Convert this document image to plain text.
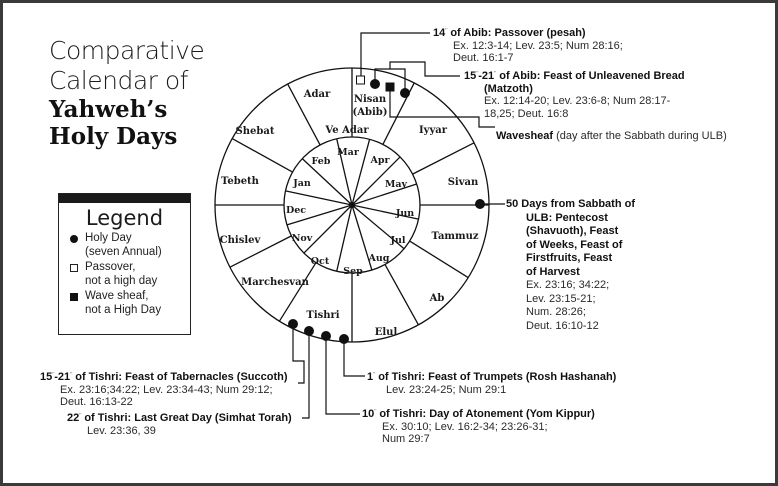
Comparative
Calendar of
Yahweh’s
Holy Days
Legend
Holy Day
(seven Annual)
Passover,
not a high day
Wave sheaf,
not a High Day
Nisan
Iyyar
Sivan
Tammuz
Ab
Elul
Tishri
Marchesvan
Chislev
Tebeth
Shebat
Adar
(Abib)
Ve Adar
Mar
Apr
May
Jun
Jul
Aug
Sep
Oct
Nov
Dec
Jan
Feb
14¨ of Abib: Passover (pesah)
Ex. 12:3-14; Lev. 23:5; Num 28:16;
Deut. 16:1-7
15¨-21¨ of Abib: Feast of Unleavened Bread
(Matzoth)
Ex. 12:14-20; Lev. 23:6-8; Num 28:17-
18,25; Deut. 16:8
Wavesheaf (day after the Sabbath during ULB)
50 Days from Sabbath of
ULB: Pentecost
(Shavuoth), Feast
of Weeks, Feast of
Firstfruits, Feast
of Harvest
Ex. 23:16; 34:22;
Lev. 23:15-21;
Num. 28:26;
Deut. 16:10-12
15¨-21¨ of Tishri: Feast of Tabernacles (Succoth)
Ex. 23:16;34:22; Lev. 23:34-43; Num 29:12;
Deut. 16:13-22
22¨ of Tishri: Last Great Day (Simhat Torah)
Lev. 23:36, 39
1¨ of Tishri: Feast of Trumpets (Rosh Hashanah)
Lev. 23:24-25; Num 29:1
10¨ of Tishri: Day of Atonement (Yom Kippur)
Ex. 30:10; Lev. 16:2-34; 23:26-31;
Num 29:7
